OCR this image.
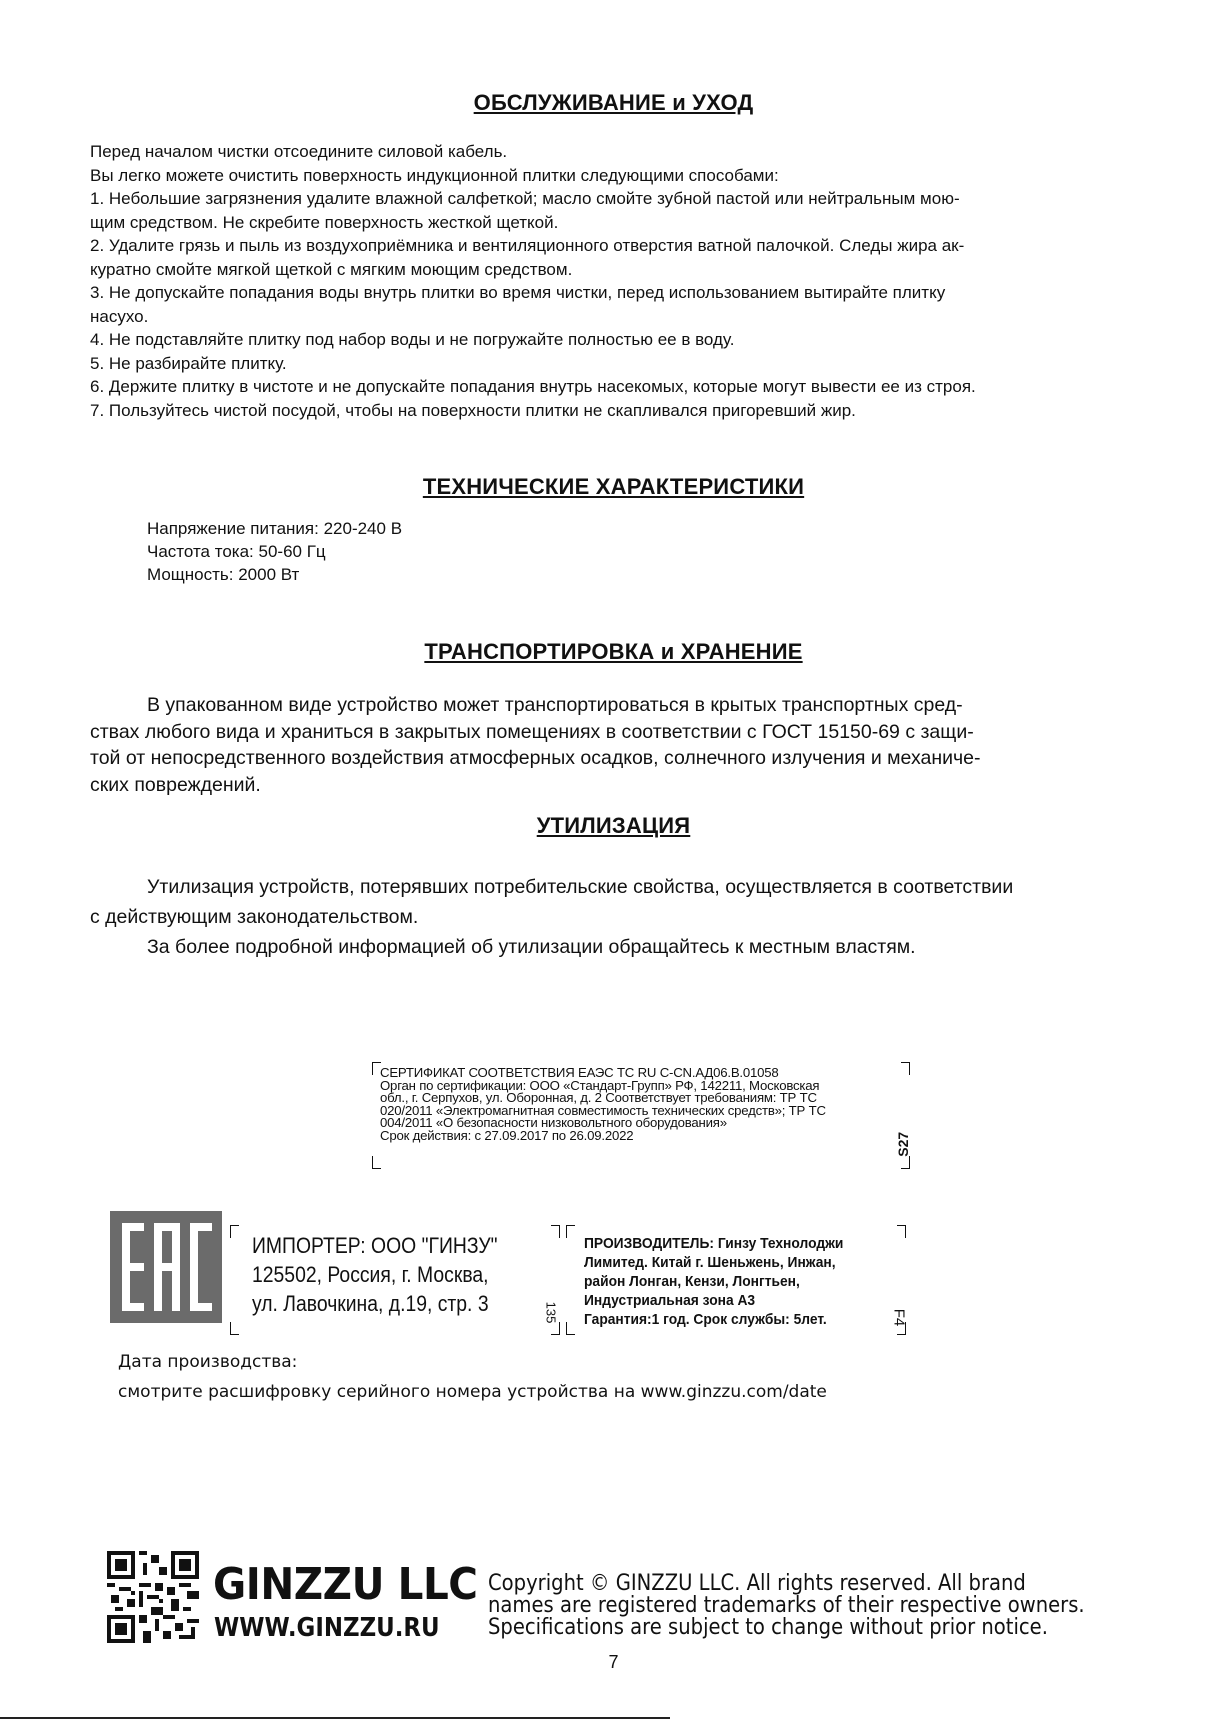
ОБСЛУЖИВАНИЕ и УХОД
Перед началом чистки отсоедините силовой кабель.
Вы легко можете очистить поверхность индукционной плитки следующими способами:
1. Небольшие загрязнения удалите влажной салфеткой; масло смойте зубной пастой или нейтральным мою-
щим средством. Не скребите поверхность жесткой щеткой.
2. Удалите грязь и пыль из воздухоприёмника и вентиляционного отверстия ватной палочкой. Следы жира ак-
куратно смойте мягкой щеткой с мягким моющим средством.
3. Не допускайте попадания воды внутрь плитки во время чистки, перед использованием вытирайте плитку
насухо.
4. Не подставляйте плитку под набор воды и не погружайте полностью ее в воду.
5. Не разбирайте плитку.
6. Держите плитку в чистоте и не допускайте попадания внутрь насекомых, которые могут вывести ее из строя.
7. Пользуйтесь чистой посудой, чтобы на поверхности плитки не скапливался пригоревший жир.
ТЕХНИЧЕСКИЕ ХАРАКТЕРИСТИКИ
Напряжение питания: 220-240 В
Частота тока: 50-60 Гц
Мощность: 2000 Вт
ТРАНСПОРТИРОВКА и ХРАНЕНИЕ
В упакованном виде устройство может транспортироваться в крытых транспортных сред-
ствах любого вида и храниться в закрытых помещениях в соответствии с ГОСТ 15150-69 с защи-
той от непосредственного воздействия атмосферных осадков, солнечного излучения и механиче-
ских повреждений.
УТИЛИЗАЦИЯ
Утилизация устройств, потерявших потребительские свойства, осуществляется в соответствии
с действующим законодательством.
За более подробной информацией об утилизации обращайтесь к местным властям.
СЕРТИФИКАТ СООТВЕТСТВИЯ ЕАЭС ТС RU C-CN.АД06.В.01058
Орган по сертификации: ООО «Стандарт-Групп» РФ, 142211, Московская
обл., г. Серпухов, ул. Оборонная, д. 2 Соответствует требованиям: ТР ТС
020/2011 «Электромагнитная совместимость технических средств»; ТР ТС
004/2011 «О безопасности низковольтного оборудования»
Срок действия: с 27.09.2017 по 26.09.2022	S27
ИМПОРТЕР: ООО "ГИНЗУ"
125502, Россия, г. Москва,
ул. Лавочкина, д.19, стр. 3	135
ПРОИЗВОДИТЕЛЬ: Гинзу Технолоджи
Лимитед. Китай г. Шеньжень, Инжан,
район Лонган, Кензи, Лонгтьен,
Индустриальная зона А3
Гарантия:1 год. Срок службы: 5лет.	F4
Дата производства:
смотрите расшифровку серийного номера устройства на www.ginzzu.com/date
GINZZU LLC
WWW.GINZZU.RU
Copyright © GINZZU LLC. All rights reserved. All brand
names are registered trademarks of their respective owners.
Specifications are subject to change without prior notice.
7
